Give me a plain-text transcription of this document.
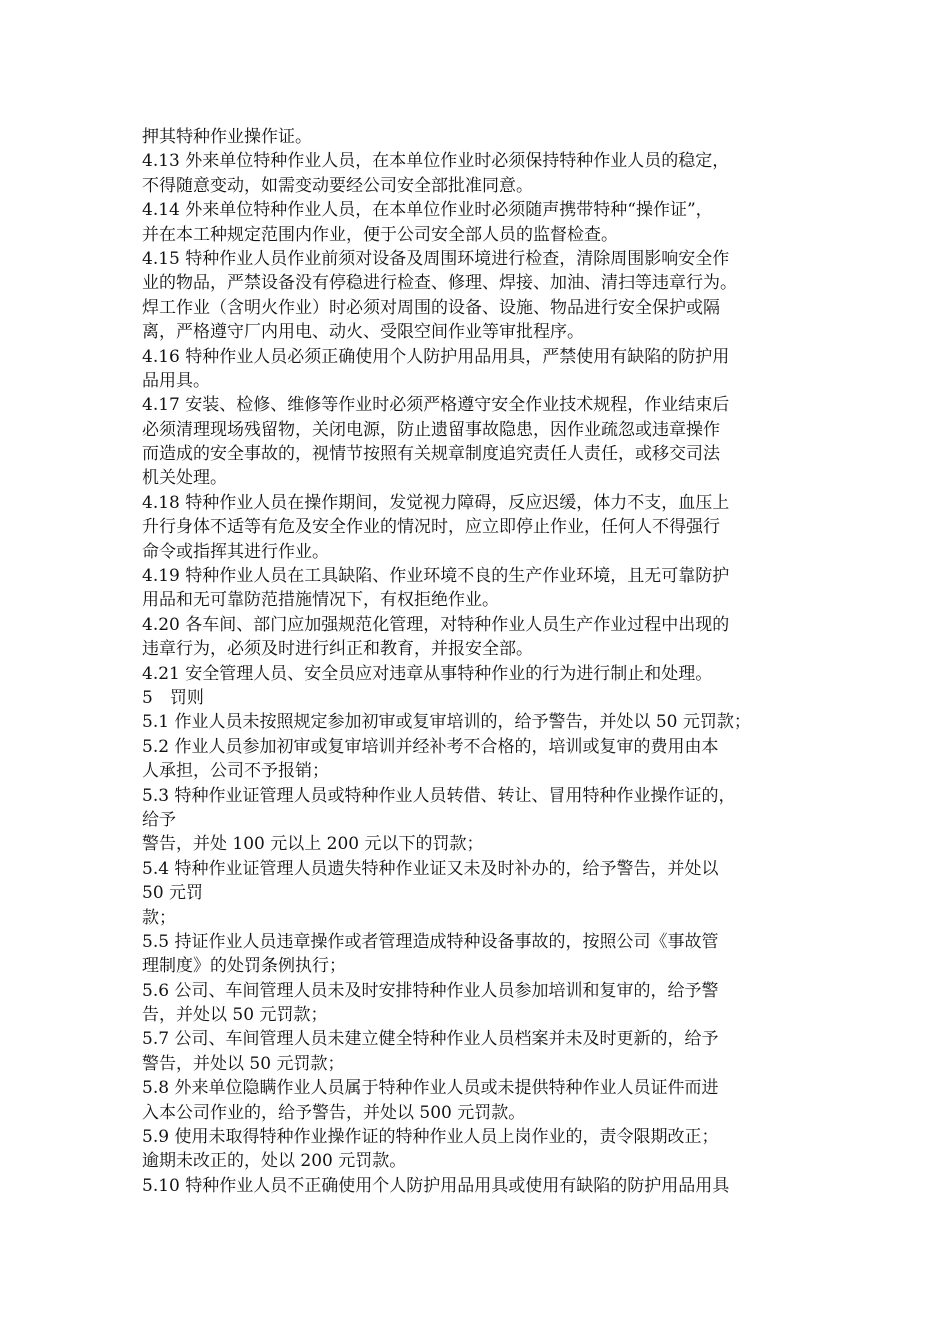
押其特种作业操作证。
4.13 外来单位特种作业人员，在本单位作业时必须保持特种作业人员的稳定，
不得随意变动，如需变动要经公司安全部批准同意。
4.14 外来单位特种作业人员，在本单位作业时必须随声携带特种“操作证”，
并在本工种规定范围内作业，便于公司安全部人员的监督检查。
4.15 特种作业人员作业前须对设备及周围环境进行检查，清除周围影响安全作
业的物品，严禁设备没有停稳进行检查、修理、焊接、加油、清扫等违章行为。
焊工作业（含明火作业）时必须对周围的设备、设施、物品进行安全保护或隔
离，严格遵守厂内用电、动火、受限空间作业等审批程序。
4.16 特种作业人员必须正确使用个人防护用品用具，严禁使用有缺陷的防护用
品用具。
4.17 安装、检修、维修等作业时必须严格遵守安全作业技术规程，作业结束后
必须清理现场残留物，关闭电源，防止遗留事故隐患，因作业疏忽或违章操作
而造成的安全事故的，视情节按照有关规章制度追究责任人责任，或移交司法
机关处理。
4.18 特种作业人员在操作期间，发觉视力障碍，反应迟缓，体力不支，血压上
升行身体不适等有危及安全作业的情况时，应立即停止作业，任何人不得强行
命令或指挥其进行作业。
4.19 特种作业人员在工具缺陷、作业环境不良的生产作业环境，且无可靠防护
用品和无可靠防范措施情况下，有权拒绝作业。
4.20 各车间、部门应加强规范化管理，对特种作业人员生产作业过程中出现的
违章行为，必须及时进行纠正和教育，并报安全部。
4.21 安全管理人员、安全员应对违章从事特种作业的行为进行制止和处理。
5　罚则
5.1 作业人员未按照规定参加初审或复审培训的，给予警告，并处以 50 元罚款；
5.2 作业人员参加初审或复审培训并经补考不合格的，培训或复审的费用由本
人承担，公司不予报销；
5.3 特种作业证管理人员或特种作业人员转借、转让、冒用特种作业操作证的，
给予
警告，并处 100 元以上 200 元以下的罚款；
5.4 特种作业证管理人员遗失特种作业证又未及时补办的，给予警告，并处以
50 元罚
款；
5.5 持证作业人员违章操作或者管理造成特种设备事故的，按照公司《事故管
理制度》的处罚条例执行；
5.6 公司、车间管理人员未及时安排特种作业人员参加培训和复审的，给予警
告，并处以 50 元罚款；
5.7 公司、车间管理人员未建立健全特种作业人员档案并未及时更新的，给予
警告，并处以 50 元罚款；
5.8 外来单位隐瞒作业人员属于特种作业人员或未提供特种作业人员证件而进
入本公司作业的，给予警告，并处以 500 元罚款。
5.9 使用未取得特种作业操作证的特种作业人员上岗作业的，责令限期改正；
逾期未改正的，处以 200 元罚款。
5.10 特种作业人员不正确使用个人防护用品用具或使用有缺陷的防护用品用具
